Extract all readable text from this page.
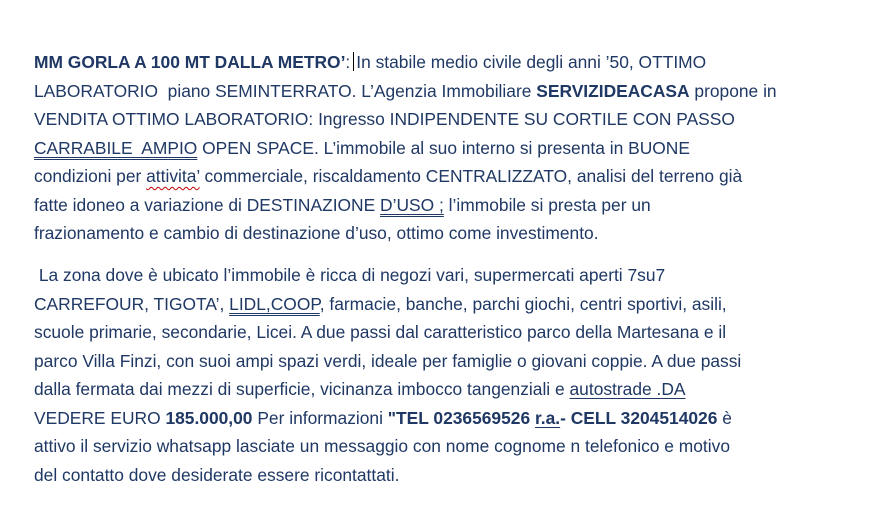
MM GORLA A 100 MT DALLA METRO’: In stabile medio civile degli anni ’50, OTTIMO
LABORATORIO  piano SEMINTERRATO. L’Agenzia Immobiliare SERVIZIDEACASA propone in
VENDITA OTTIMO LABORATORIO: Ingresso INDIPENDENTE SU CORTILE CON PASSO
CARRABILE  AMPIO OPEN SPACE. L’immobile al suo interno si presenta in BUONE
condizioni per attivita’ commerciale, riscaldamento CENTRALIZZATO, analisi del terreno già
fatte idoneo a variazione di DESTINAZIONE D’USO ; l’immobile si presta per un
frazionamento e cambio di destinazione d’uso, ottimo come investimento.

La zona dove è ubicato l’immobile è ricca di negozi vari, supermercati aperti 7su7
CARREFOUR, TIGOTA’, LIDL,COOP, farmacie, banche, parchi giochi, centri sportivi, asili,
scuole primarie, secondarie, Licei. A due passi dal caratteristico parco della Martesana e il
parco Villa Finzi, con suoi ampi spazi verdi, ideale per famiglie o giovani coppie. A due passi
dalla fermata dai mezzi di superficie, vicinanza imbocco tangenziali e autostrade .DA
VEDERE EURO 185.000,00 Per informazioni "TEL 0236569526 r.a.- CELL 3204514026 è
attivo il servizio whatsapp lasciate un messaggio con nome cognome n telefonico e motivo
del contatto dove desiderate essere ricontattati.
